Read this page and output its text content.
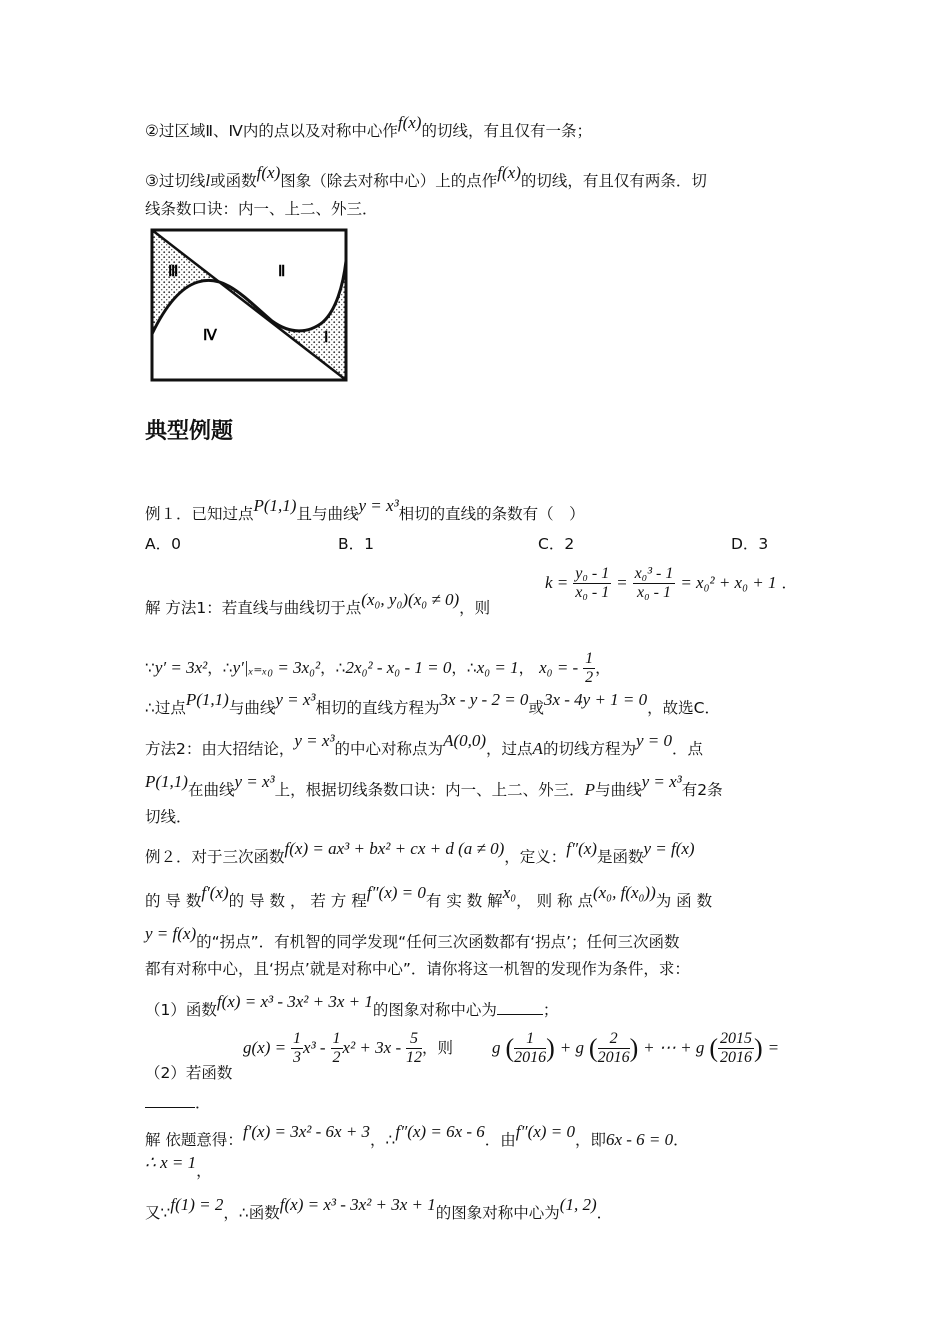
②过区域Ⅱ、Ⅳ内的点以及对称中心作f(x)的切线，有且仅有一条；
③过切线l或函数f(x)图象（除去对称中心）上的点作f(x)的切线，有且仅有两条．切
线条数口诀：内一、上二、外三．
Ⅲ	Ⅱ
Ⅳ	Ⅰ
典型例题
例１．已知过点P(1,1)且与曲线y = x³相切的直线的条数有（　）
A．0	B．1	C．2	D．3
解 方法1：若直线与曲线切于点(x₀, y₀)(x₀ ≠ 0)，则
$k = \frac{\text{y₀ - 1}}{\text{x₀ - 1}} = \frac{\text{x₀³ - 1}}{\text{x₀ - 1}} = x_0^2 + x_0 + 1$ ．
∵y′ = 3x²，∴y′|ₓ₌ₓ₀ = 3x₀²，∴2x₀² - x₀ - 1 = 0，∴x₀ = 1， x₀ = - $\frac{1}{2}$ ，
∴过点P(1,1)与曲线y = x³相切的直线方程为3x - y - 2 = 0或3x - 4y + 1 = 0，故选C．
方法2：由大招结论，y = x³的中心对称点为A(0,0)，过点A的切线方程为y = 0．点
P(1,1)在曲线y = x³上，根据切线条数口诀：内一、上二、外三．P与曲线y = x³有2条
切线．
例２．对于三次函数f(x) = ax³ + bx² + cx + d (a ≠ 0)，定义：f″(x)是函数y = f(x)
的 导 数f′(x)的 导 数 ， 若 方 程f″(x) = 0有 实 数 解x₀， 则 称 点(x₀, f(x₀))为 函 数
y = f(x)的“拐点”．有机智的同学发现“任何三次函数都有‘拐点’；任何三次函数
都有对称中心，且‘拐点’就是对称中心”．请你将这一机智的发现作为条件，求：
（1）函数f(x) = x³ - 3x² + 3x + 1的图象对称中心为	；
（2）若函数
$g(x) = \frac{1}{3} x^3 - \frac{1}{2} x^2 + 3x - \frac{5}{12}$ ，则 g ( $\frac{1}{2016}$ ) + g ( $\frac{2}{2016}$ ) + ⋯ + g ( $\frac{2015}{2016}$ ) =
．
解 依题意得：f′(x) = 3x² - 6x + 3，∴f″(x) = 6x - 6．由f″(x) = 0，即6x - 6 = 0．
∴ x = 1，
又∵f(1) = 2，∴函数f(x) = x³ - 3x² + 3x + 1的图象对称中心为(1, 2)．
